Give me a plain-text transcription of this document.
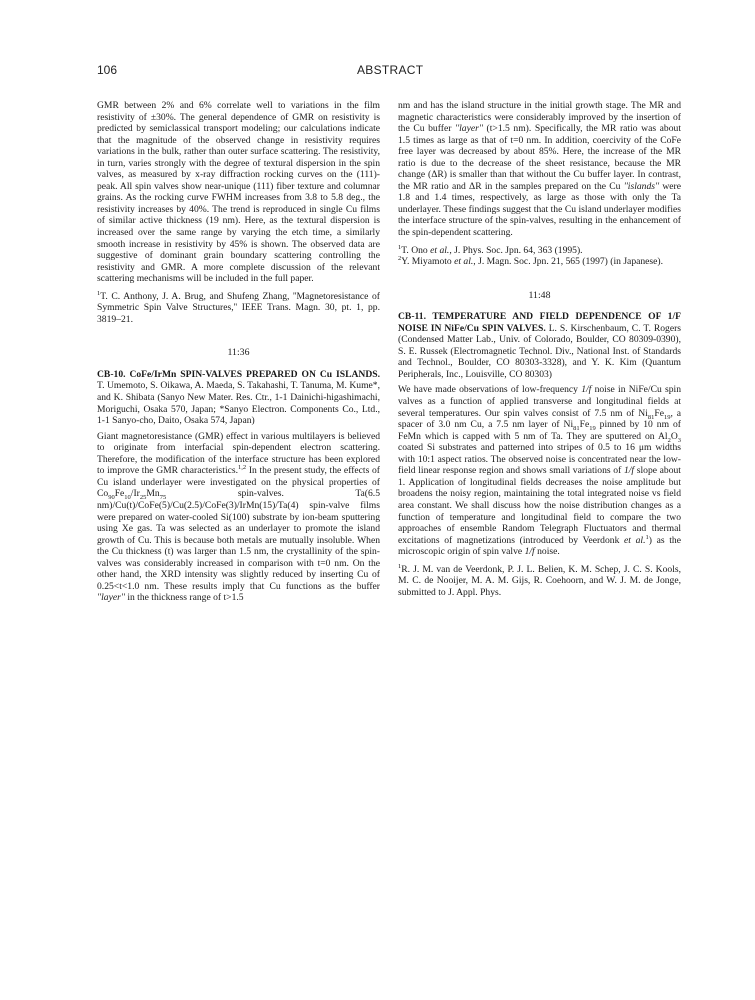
106	ABSTRACT

GMR between 2% and 6% correlate well to variations in the film resistivity of ±30%. The general dependence of GMR on resistivity is predicted by semiclassical transport modeling; our calculations indicate that the magnitude of the observed change in resistivity requires variations in the bulk, rather than outer surface scattering. The resistivity, in turn, varies strongly with the degree of textural dispersion in the spin valves, as measured by x-ray diffraction rocking curves on the (111)-peak. All spin valves show near-unique (111) fiber texture and columnar grains. As the rocking curve FWHM increases from 3.8 to 5.8 deg., the resistivity increases by 40%. The trend is reproduced in single Cu films of similar active thickness (19 nm). Here, as the textural dispersion is increased over the same range by varying the etch time, a similarly smooth increase in resistivity by 45% is shown. The observed data are suggestive of dominant grain boundary scattering controlling the resistivity and GMR. A more complete discussion of the relevant scattering mechanisms will be included in the full paper.

$^1$T. C. Anthony, J. A. Brug, and Shufeng Zhang, ''Magnetoresistance of Symmetric Spin Valve Structures,'' IEEE Trans. Magn. 30, pt. 1, pp. 3819–21.

11:36

CB-10. CoFe/IrMn SPIN-VALVES PREPARED ON Cu ISLANDS. T. Umemoto, S. Oikawa, A. Maeda, S. Takahashi, T. Tanuma, M. Kume*, and K. Shibata (Sanyo New Mater. Res. Ctr., 1-1 Dainichi-higashimachi, Moriguchi, Osaka 570, Japan; *Sanyo Electron. Components Co., Ltd., 1-1 Sanyo-cho, Daito, Osaka 574, Japan)

Giant magnetoresistance (GMR) effect in various multilayers is believed to originate from interfacial spin-dependent electron scattering. Therefore, the modification of the interface structure has been explored to improve the GMR characteristics.$^{1,2}$ In the present study, the effects of Cu island underlayer were investigated on the physical properties of $Co_{90}Fe_{10}/Ir_{25}Mn_{75}$ spin-valves. Ta(6.5 nm)/Cu(t)/CoFe(5)/Cu(2.5)/CoFe(3)/IrMn(15)/Ta(4) spin-valve films were prepared on water-cooled Si(100) substrate by ion-beam sputtering using Xe gas. Ta was selected as an underlayer to promote the island growth of Cu. This is because both metals are mutually insoluble. When the Cu thickness (t) was larger than 1.5 nm, the crystallinity of the spin-valves was considerably increased in comparison with t=0 nm. On the other hand, the XRD intensity was slightly reduced by inserting Cu of 0.25<t<1.0 nm. These results imply that Cu functions as the buffer ''layer'' in the thickness range of t>1.5

nm and has the island structure in the initial growth stage. The MR and magnetic characteristics were considerably improved by the insertion of the Cu buffer ''layer'' (t>1.5 nm). Specifically, the MR ratio was about 1.5 times as large as that of t=0 nm. In addition, coercivity of the CoFe free layer was decreased by about 85%. Here, the increase of the MR ratio is due to the decrease of the sheet resistance, because the MR change (ΔR) is smaller than that without the Cu buffer layer. In contrast, the MR ratio and ΔR in the samples prepared on the Cu ''islands'' were 1.8 and 1.4 times, respectively, as large as those with only the Ta underlayer. These findings suggest that the Cu island underlayer modifies the interface structure of the spin-valves, resulting in the enhancement of the spin-dependent scattering.

$^1$T. Ono et al., J. Phys. Soc. Jpn. 64, 363 (1995).

$^2$Y. Miyamoto et al., J. Magn. Soc. Jpn. 21, 565 (1997) (in Japanese).

11:48

CB-11. TEMPERATURE AND FIELD DEPENDENCE OF 1/F NOISE IN NiFe/Cu SPIN VALVES. L. S. Kirschenbaum, C. T. Rogers (Condensed Matter Lab., Univ. of Colorado, Boulder, CO 80309-0390), S. E. Russek (Electromagnetic Technol. Div., National Inst. of Standards and Technol., Boulder, CO 80303-3328), and Y. K. Kim (Quantum Peripherals, Inc., Louisville, CO 80303)

We have made observations of low-frequency 1/f noise in NiFe/Cu spin valves as a function of applied transverse and longitudinal fields at several temperatures. Our spin valves consist of 7.5 nm of $Ni_{81}Fe_{19}$, a spacer of 3.0 nm Cu, a 7.5 nm layer of $Ni_{81}Fe_{19}$ pinned by 10 nm of FeMn which is capped with 5 nm of Ta. They are sputtered on $Al_2O_3$ coated Si substrates and patterned into stripes of 0.5 to 16 μm widths with 10:1 aspect ratios. The observed noise is concentrated near the low-field linear response region and shows small variations of 1/f slope about 1. Application of longitudinal fields decreases the noise amplitude but broadens the noisy region, maintaining the total integrated noise vs field area constant. We shall discuss how the noise distribution changes as a function of temperature and longitudinal field to compare the two approaches of ensemble Random Telegraph Fluctuators and thermal excitations of magnetizations (introduced by Veerdonk et al.$^1$) as the microscopic origin of spin valve 1/f noise.

$^1$R. J. M. van de Veerdonk, P. J. L. Belien, K. M. Schep, J. C. S. Kools, M. C. de Nooijer, M. A. M. Gijs, R. Coehoorn, and W. J. M. de Jonge, submitted to J. Appl. Phys.
